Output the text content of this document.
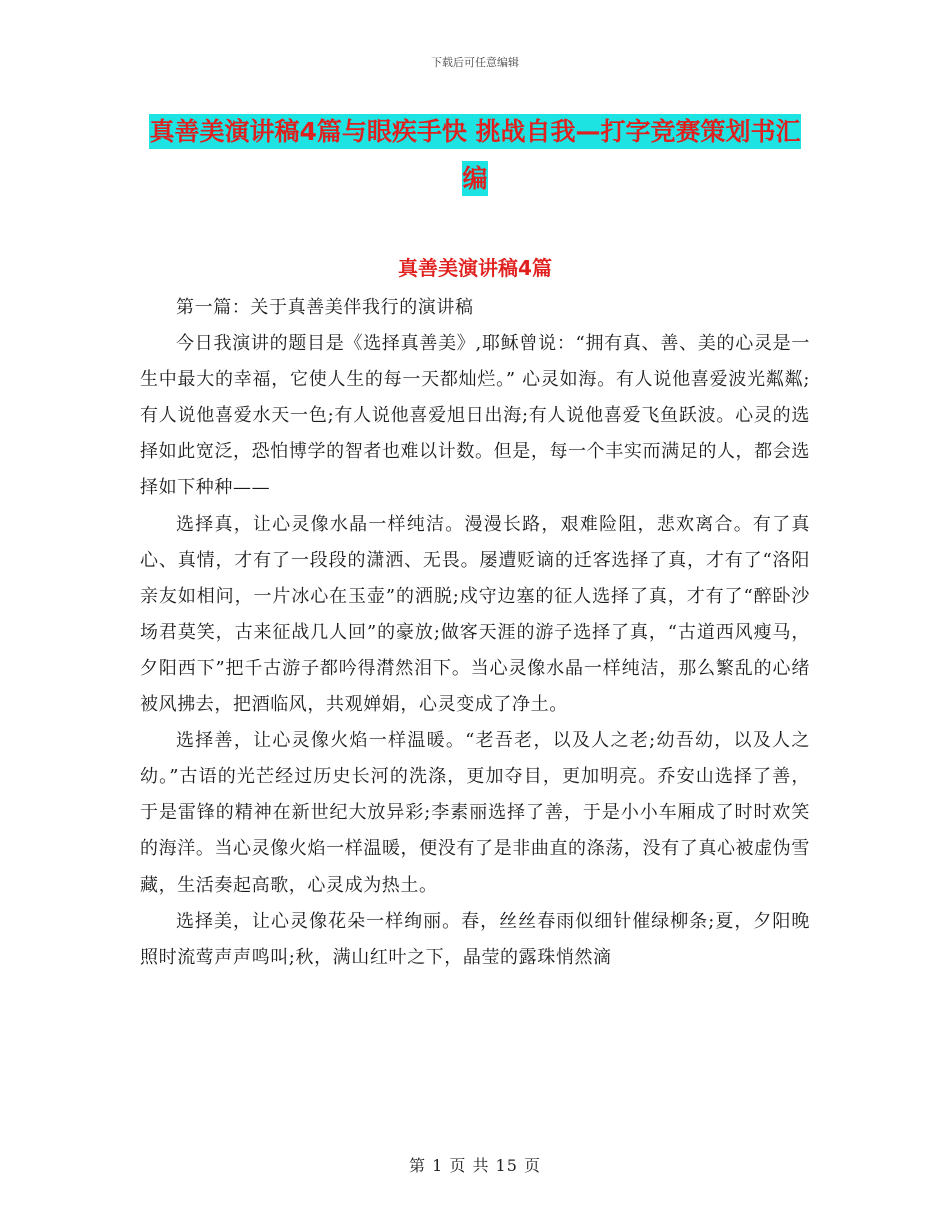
下载后可任意编辑
真善美演讲稿4篇与眼疾手快 挑战自我—打字竞赛策划书汇编
真善美演讲稿4篇

第一篇：关于真善美伴我行的演讲稿

今日我演讲的题目是《选择真善美》,耶稣曾说：“拥有真、善、美的心灵是一生中最大的幸福，它使人生的每一天都灿烂。” 心灵如海。有人说他喜爱波光粼粼;有人说他喜爱水天一色;有人说他喜爱旭日出海;有人说他喜爱飞鱼跃波。心灵的选择如此宽泛，恐怕博学的智者也难以计数。但是，每一个丰实而满足的人，都会选择如下种种——

选择真，让心灵像水晶一样纯洁。漫漫长路，艰难险阻，悲欢离合。有了真心、真情，才有了一段段的潇洒、无畏。屡遭贬谪的迁客选择了真，才有了“洛阳亲友如相问，一片冰心在玉壶”的洒脱;戍守边塞的征人选择了真，才有了“醉卧沙场君莫笑，古来征战几人回”的豪放;做客天涯的游子选择了真，“古道西风瘦马，夕阳西下”把千古游子都吟得潸然泪下。当心灵像水晶一样纯洁，那么繁乱的心绪被风拂去，把酒临风，共观婵娟，心灵变成了净土。

选择善，让心灵像火焰一样温暖。“老吾老，以及人之老;幼吾幼，以及人之幼。”古语的光芒经过历史长河的洗涤，更加夺目，更加明亮。乔安山选择了善，于是雷锋的精神在新世纪大放异彩;李素丽选择了善，于是小小车厢成了时时欢笑的海洋。当心灵像火焰一样温暖，便没有了是非曲直的涤荡，没有了真心被虚伪雪藏，生活奏起高歌，心灵成为热土。

选择美，让心灵像花朵一样绚丽。春，丝丝春雨似细针催绿柳条;夏，夕阳晚照时流莺声声鸣叫;秋，满山红叶之下，晶莹的露珠悄然滴

第 1 页 共 15 页
